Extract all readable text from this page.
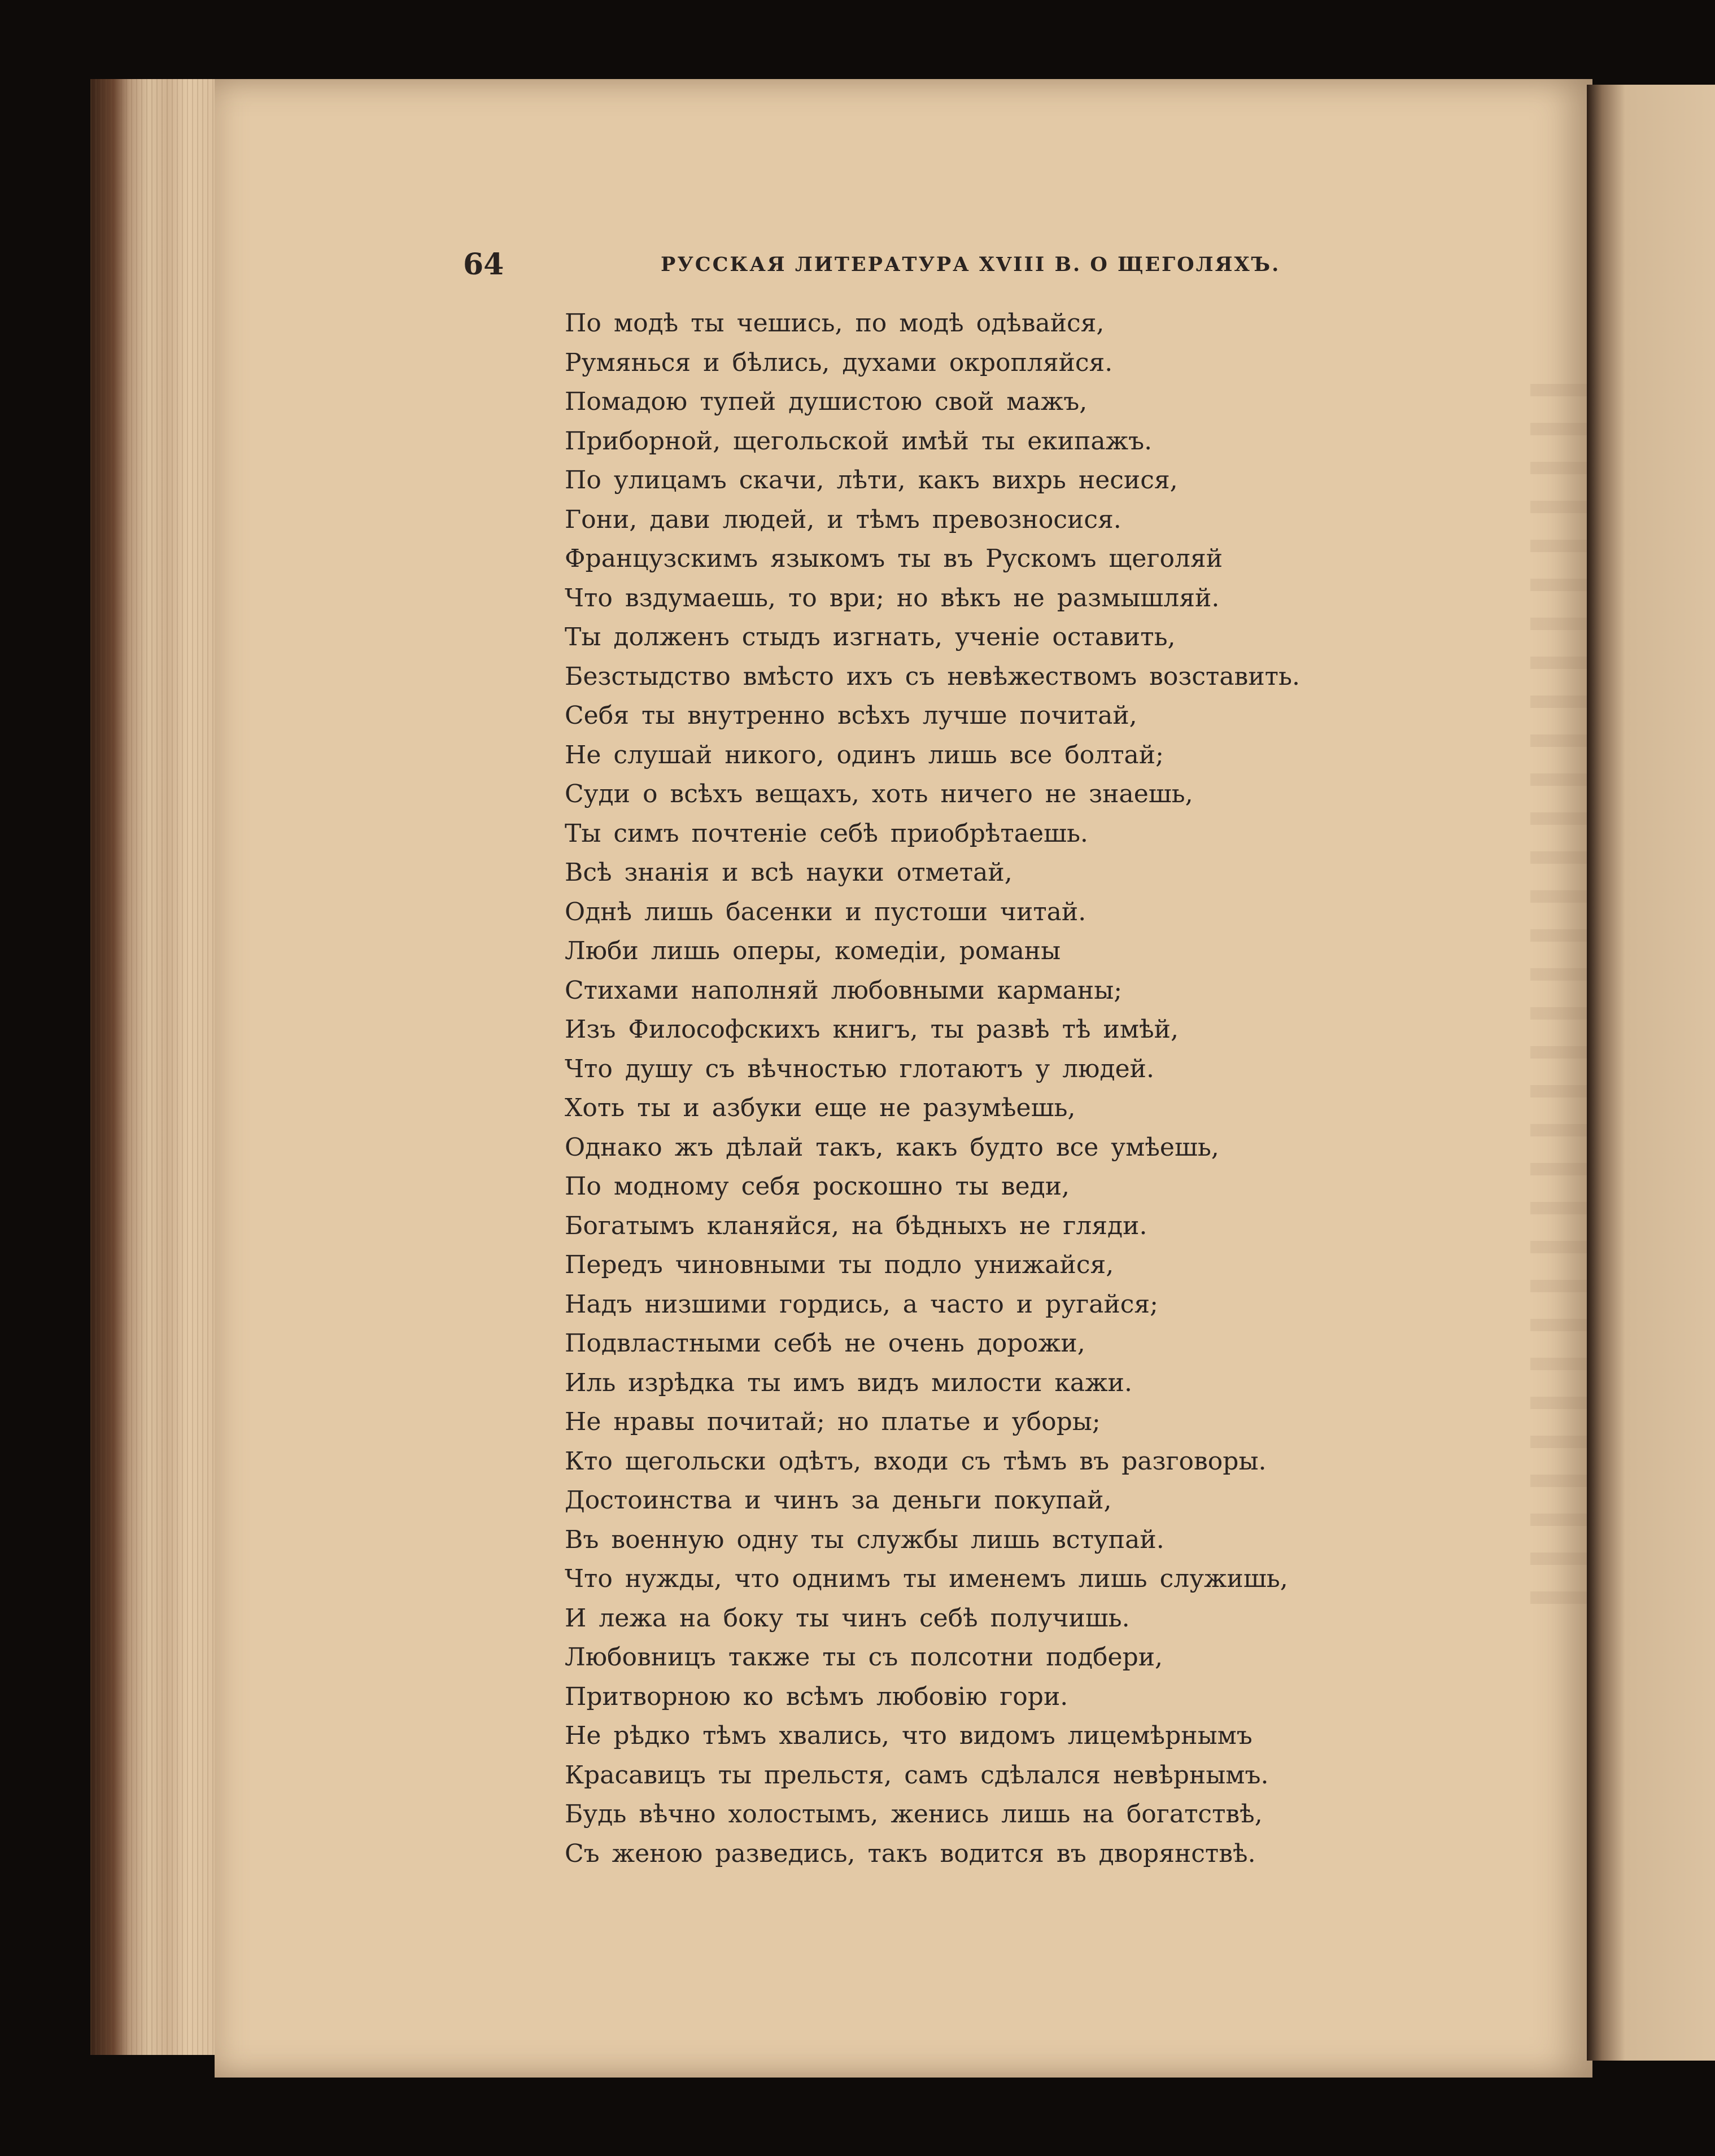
64	РУССКАЯ ЛИТЕРАТУРА XVIII В. О ЩЕГОЛЯХЪ.
По модѣ ты чешись, по модѣ одѣвайся,
Румянься и бѣлись, духами окропляйся.
Помадою тупей душистою свой мажъ,
Приборной, щегольской имѣй ты екипажъ.
По улицамъ скачи, лѣти, какъ вихрь несися,
Гони, дави людей, и тѣмъ превозносися.
Французскимъ языкомъ ты въ Рускомъ щеголяй
Что вздумаешь, то ври; но вѣкъ не размышляй.
Ты долженъ стыдъ изгнать, ученіе оставить,
Безстыдство вмѣсто ихъ съ невѣжествомъ возставить.
Себя ты внутренно всѣхъ лучше почитай,
Не слушай никого, одинъ лишь все болтай;
Суди о всѣхъ вещахъ, хоть ничего не знаешь,
Ты симъ почтеніе себѣ приобрѣтаешь.
Всѣ знанія и всѣ науки отметай,
Однѣ лишь басенки и пустоши читай.
Люби лишь оперы, комедіи, романы
Стихами наполняй любовными карманы;
Изъ Философскихъ книгъ, ты развѣ тѣ имѣй,
Что душу съ вѣчностью глотаютъ у людей.
Хоть ты и азбуки еще не разумѣешь,
Однако жъ дѣлай такъ, какъ будто все умѣешь,
По модному себя роскошно ты веди,
Богатымъ кланяйся, на бѣдныхъ не гляди.
Передъ чиновными ты подло унижайся,
Надъ низшими гордись, а часто и ругайся;
Подвластными себѣ не очень дорожи,
Иль изрѣдка ты имъ видъ милости кажи.
Не нравы почитай; но платье и уборы;
Кто щегольски одѣтъ, входи съ тѣмъ въ разговоры.
Достоинства и чинъ за деньги покупай,
Въ военную одну ты службы лишь вступай.
Что нужды, что однимъ ты именемъ лишь служишь,
И лежа на боку ты чинъ себѣ получишь.
Любовницъ также ты съ полсотни подбери,
Притворною ко всѣмъ любовію гори.
Не рѣдко тѣмъ хвались, что видомъ лицемѣрнымъ
Красавицъ ты прельстя, самъ сдѣлался невѣрнымъ.
Будь вѣчно холостымъ, женись лишь на богатствѣ,
Съ женою разведись, такъ водится въ дворянствѣ.
